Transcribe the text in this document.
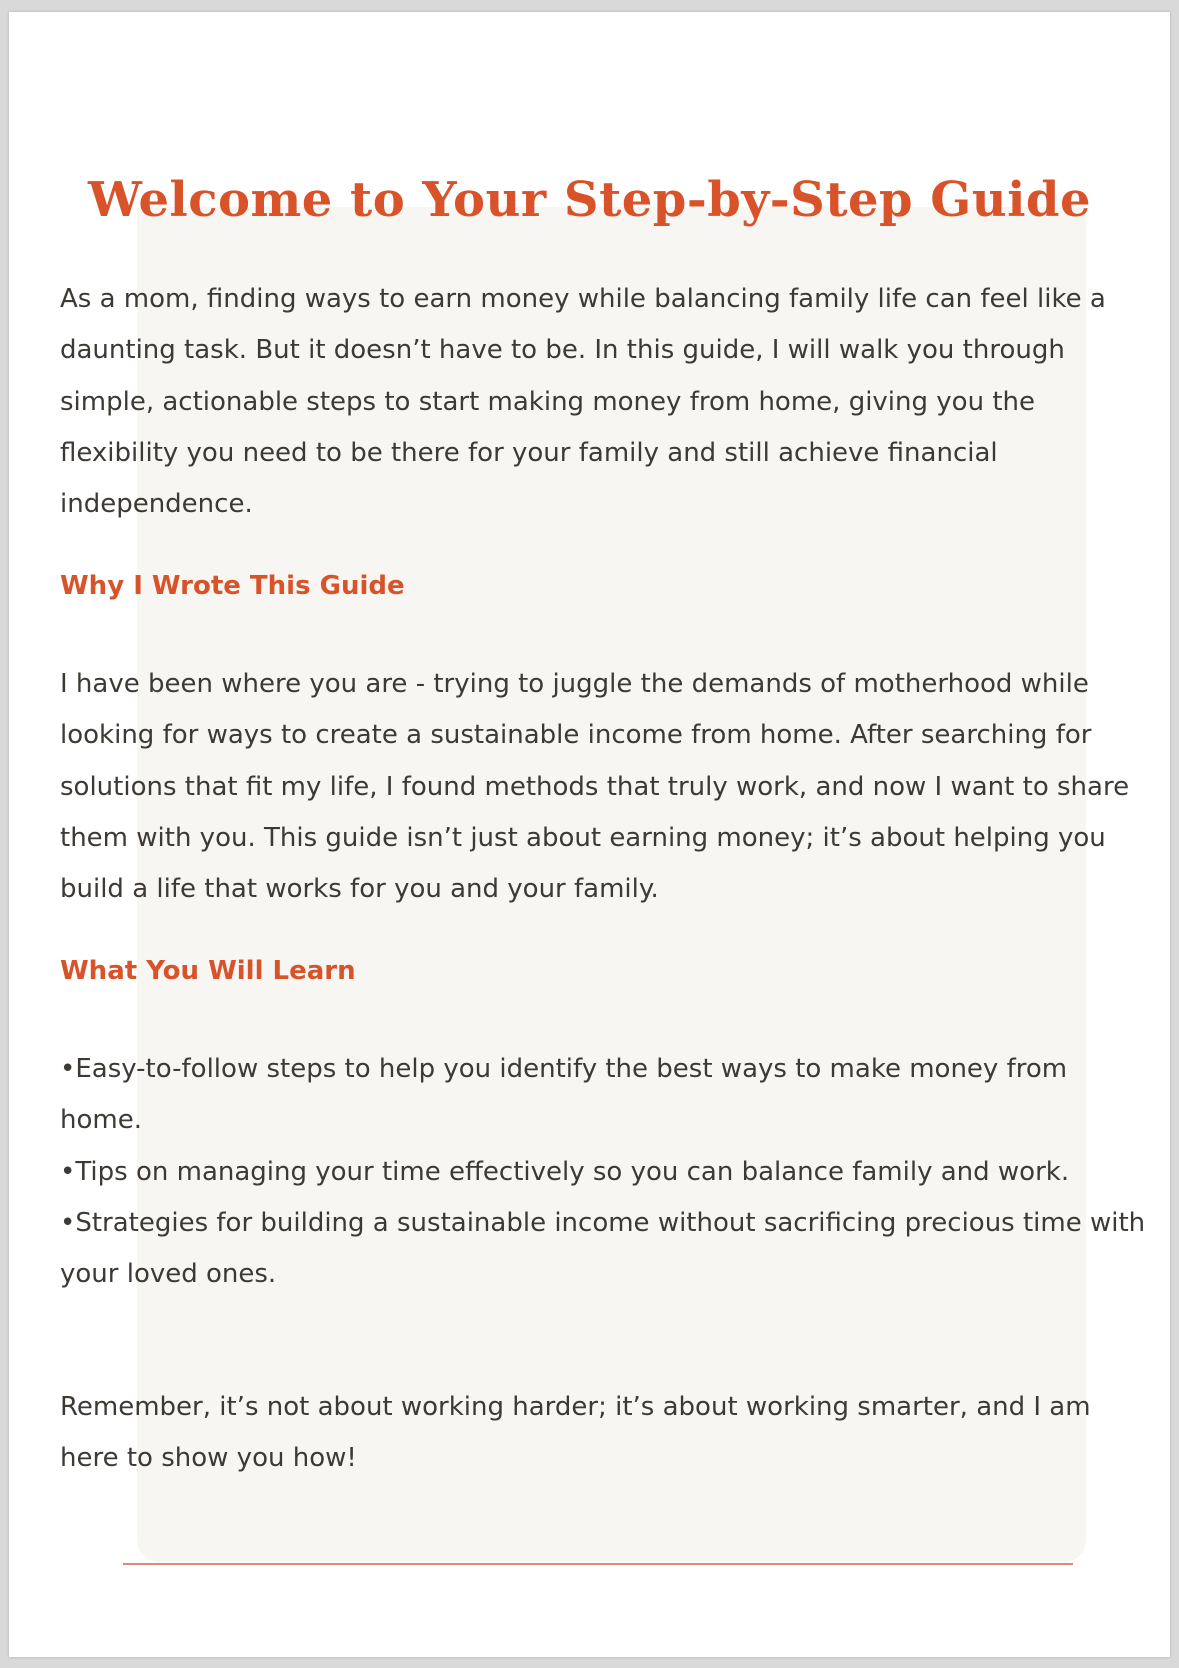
Welcome to Your Step-by-Step Guide

As a mom, finding ways to earn money while balancing family life can feel like a daunting task. But it doesn’t have to be. In this guide, I will walk you through simple, actionable steps to start making money from home, giving you the flexibility you need to be there for your family and still achieve financial independence.

Why I Wrote This Guide

I have been where you are - trying to juggle the demands of motherhood while looking for ways to create a sustainable income from home. After searching for solutions that fit my life, I found methods that truly work, and now I want to share them with you. This guide isn’t just about earning money; it’s about helping you build a life that works for you and your family.

What You Will Learn
• Easy-to-follow steps to help you identify the best ways to make money from home.
• Tips on managing your time effectively so you can balance family and work.
• Strategies for building a sustainable income without sacrificing precious time with your loved ones.

Remember, it’s not about working harder; it’s about working smarter, and I am here to show you how!
